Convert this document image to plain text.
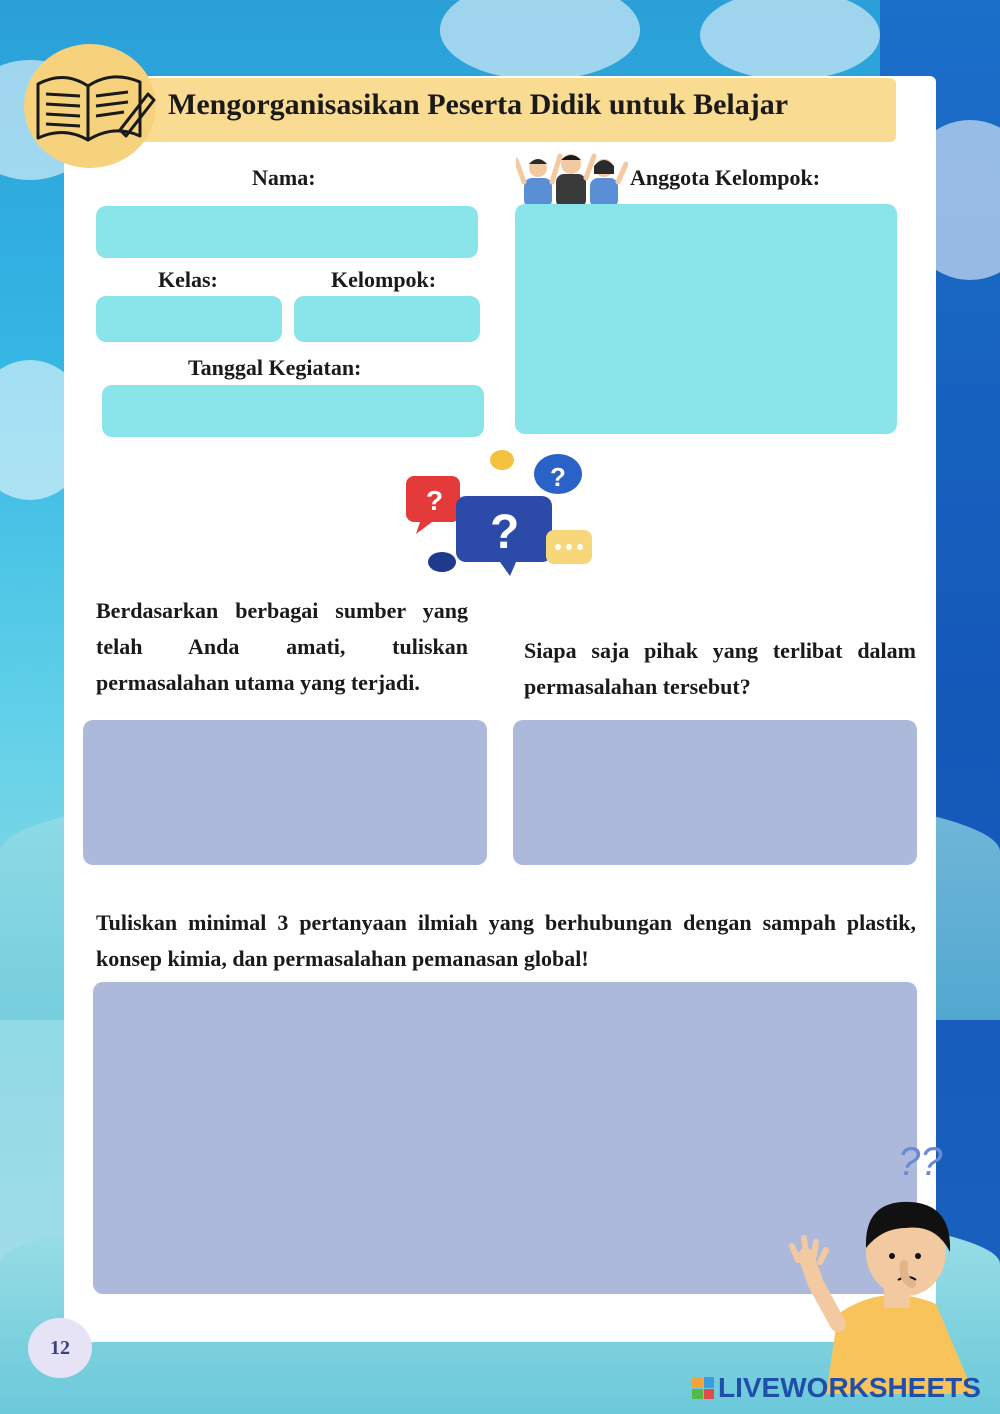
Mengorganisasikan Peserta Didik untuk Belajar
Nama:
Kelas:	Kelompok:
Tanggal Kegiatan:
Anggota Kelompok:
?
?
?
Berdasarkan berbagai sumber yang telah Anda amati, tuliskan permasalahan utama yang terjadi.
Siapa saja pihak yang terlibat dalam permasalahan tersebut?
Tuliskan minimal 3 pertanyaan ilmiah yang berhubungan dengan sampah plastik, konsep kimia, dan permasalahan pemanasan global!
??
12
LIVEWORKSHEETS
